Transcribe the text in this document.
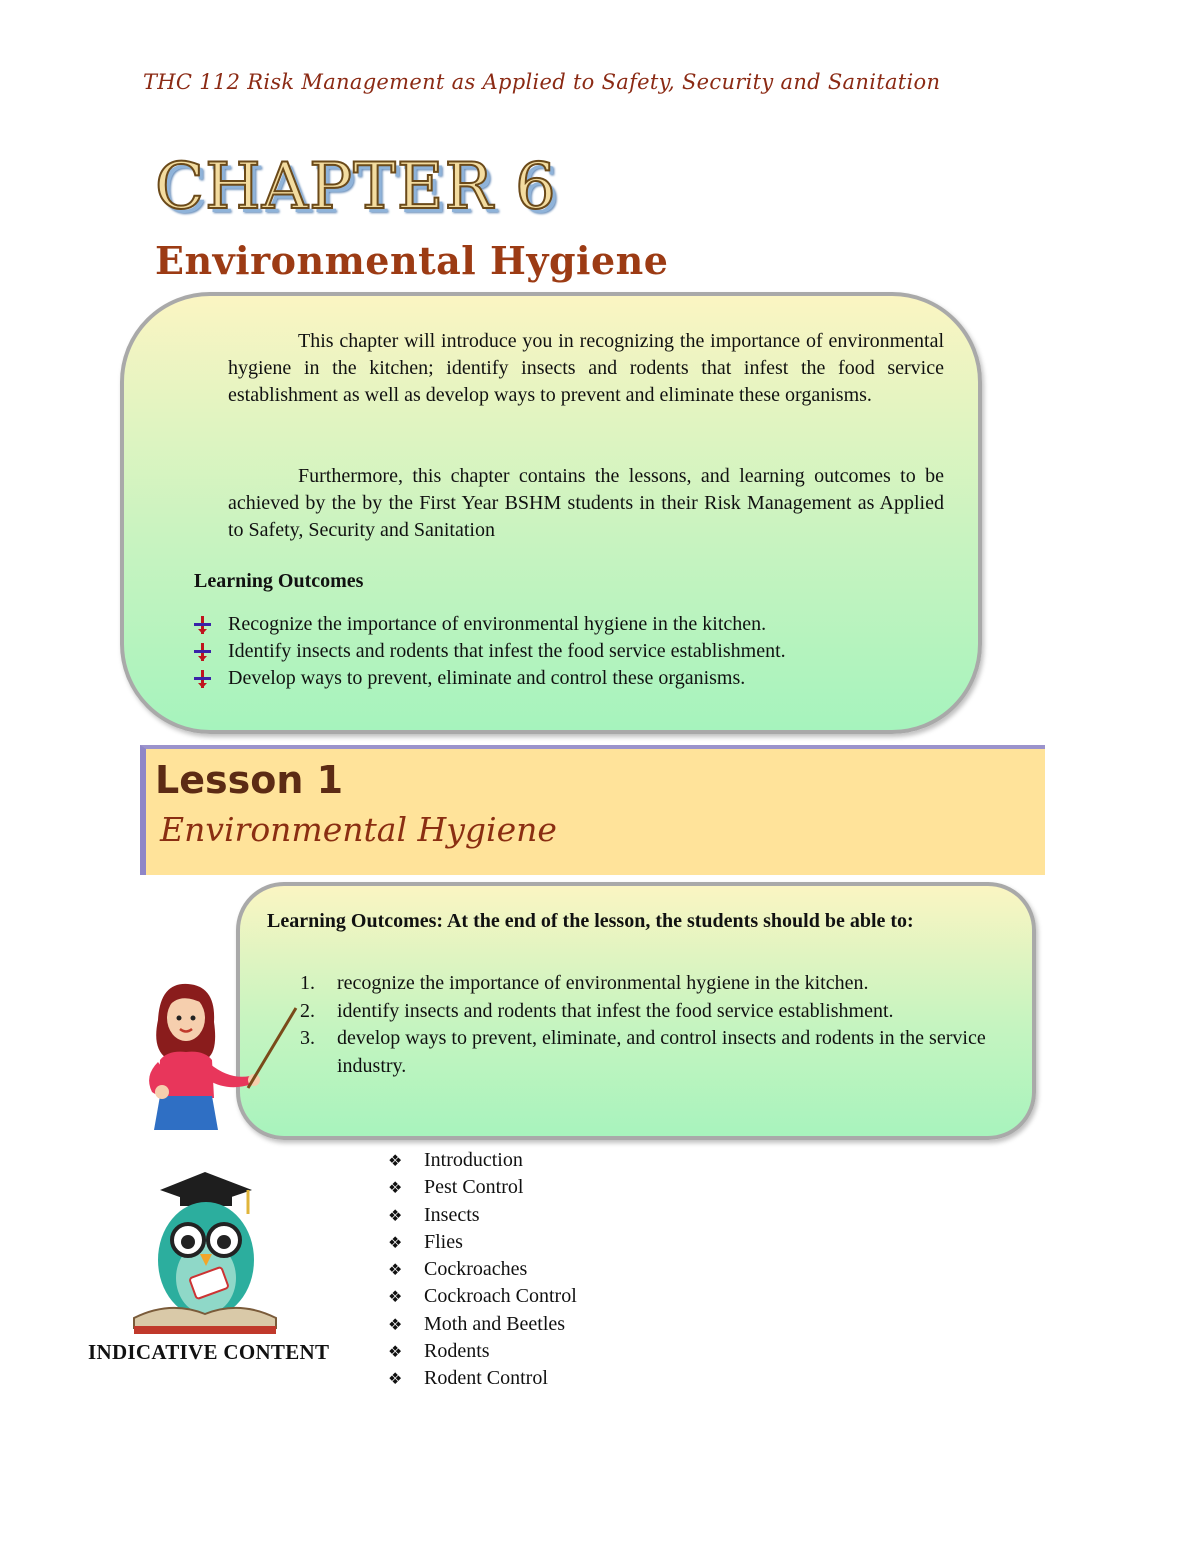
THC 112 Risk Management as Applied to Safety, Security and Sanitation
CHAPTER 6
Environmental Hygiene
This chapter will introduce you in recognizing the importance of environmental hygiene in the kitchen; identify insects and rodents that infest the food service establishment as well as develop ways to prevent and eliminate these organisms.
Furthermore, this chapter contains the lessons, and learning outcomes to be achieved by the by the First Year BSHM students in their Risk Management as Applied to Safety, Security and Sanitation
Learning Outcomes
Recognize the importance of environmental hygiene in the kitchen.
Identify insects and rodents that infest the food service establishment.
Develop ways to prevent, eliminate and control these organisms.
Lesson 1
Environmental Hygiene
Learning Outcomes: At the end of the lesson, the students should be able to:
1.	recognize the importance of environmental hygiene in the kitchen.
2.	identify insects and rodents that infest the food service establishment.
3.	develop ways to prevent, eliminate, and control insects and rodents in the service industry.
INDICATIVE CONTENT
❖ Introduction
❖ Pest Control
❖ Insects
❖ Flies
❖ Cockroaches
❖ Cockroach Control
❖ Moth and Beetles
❖ Rodents
❖ Rodent Control
